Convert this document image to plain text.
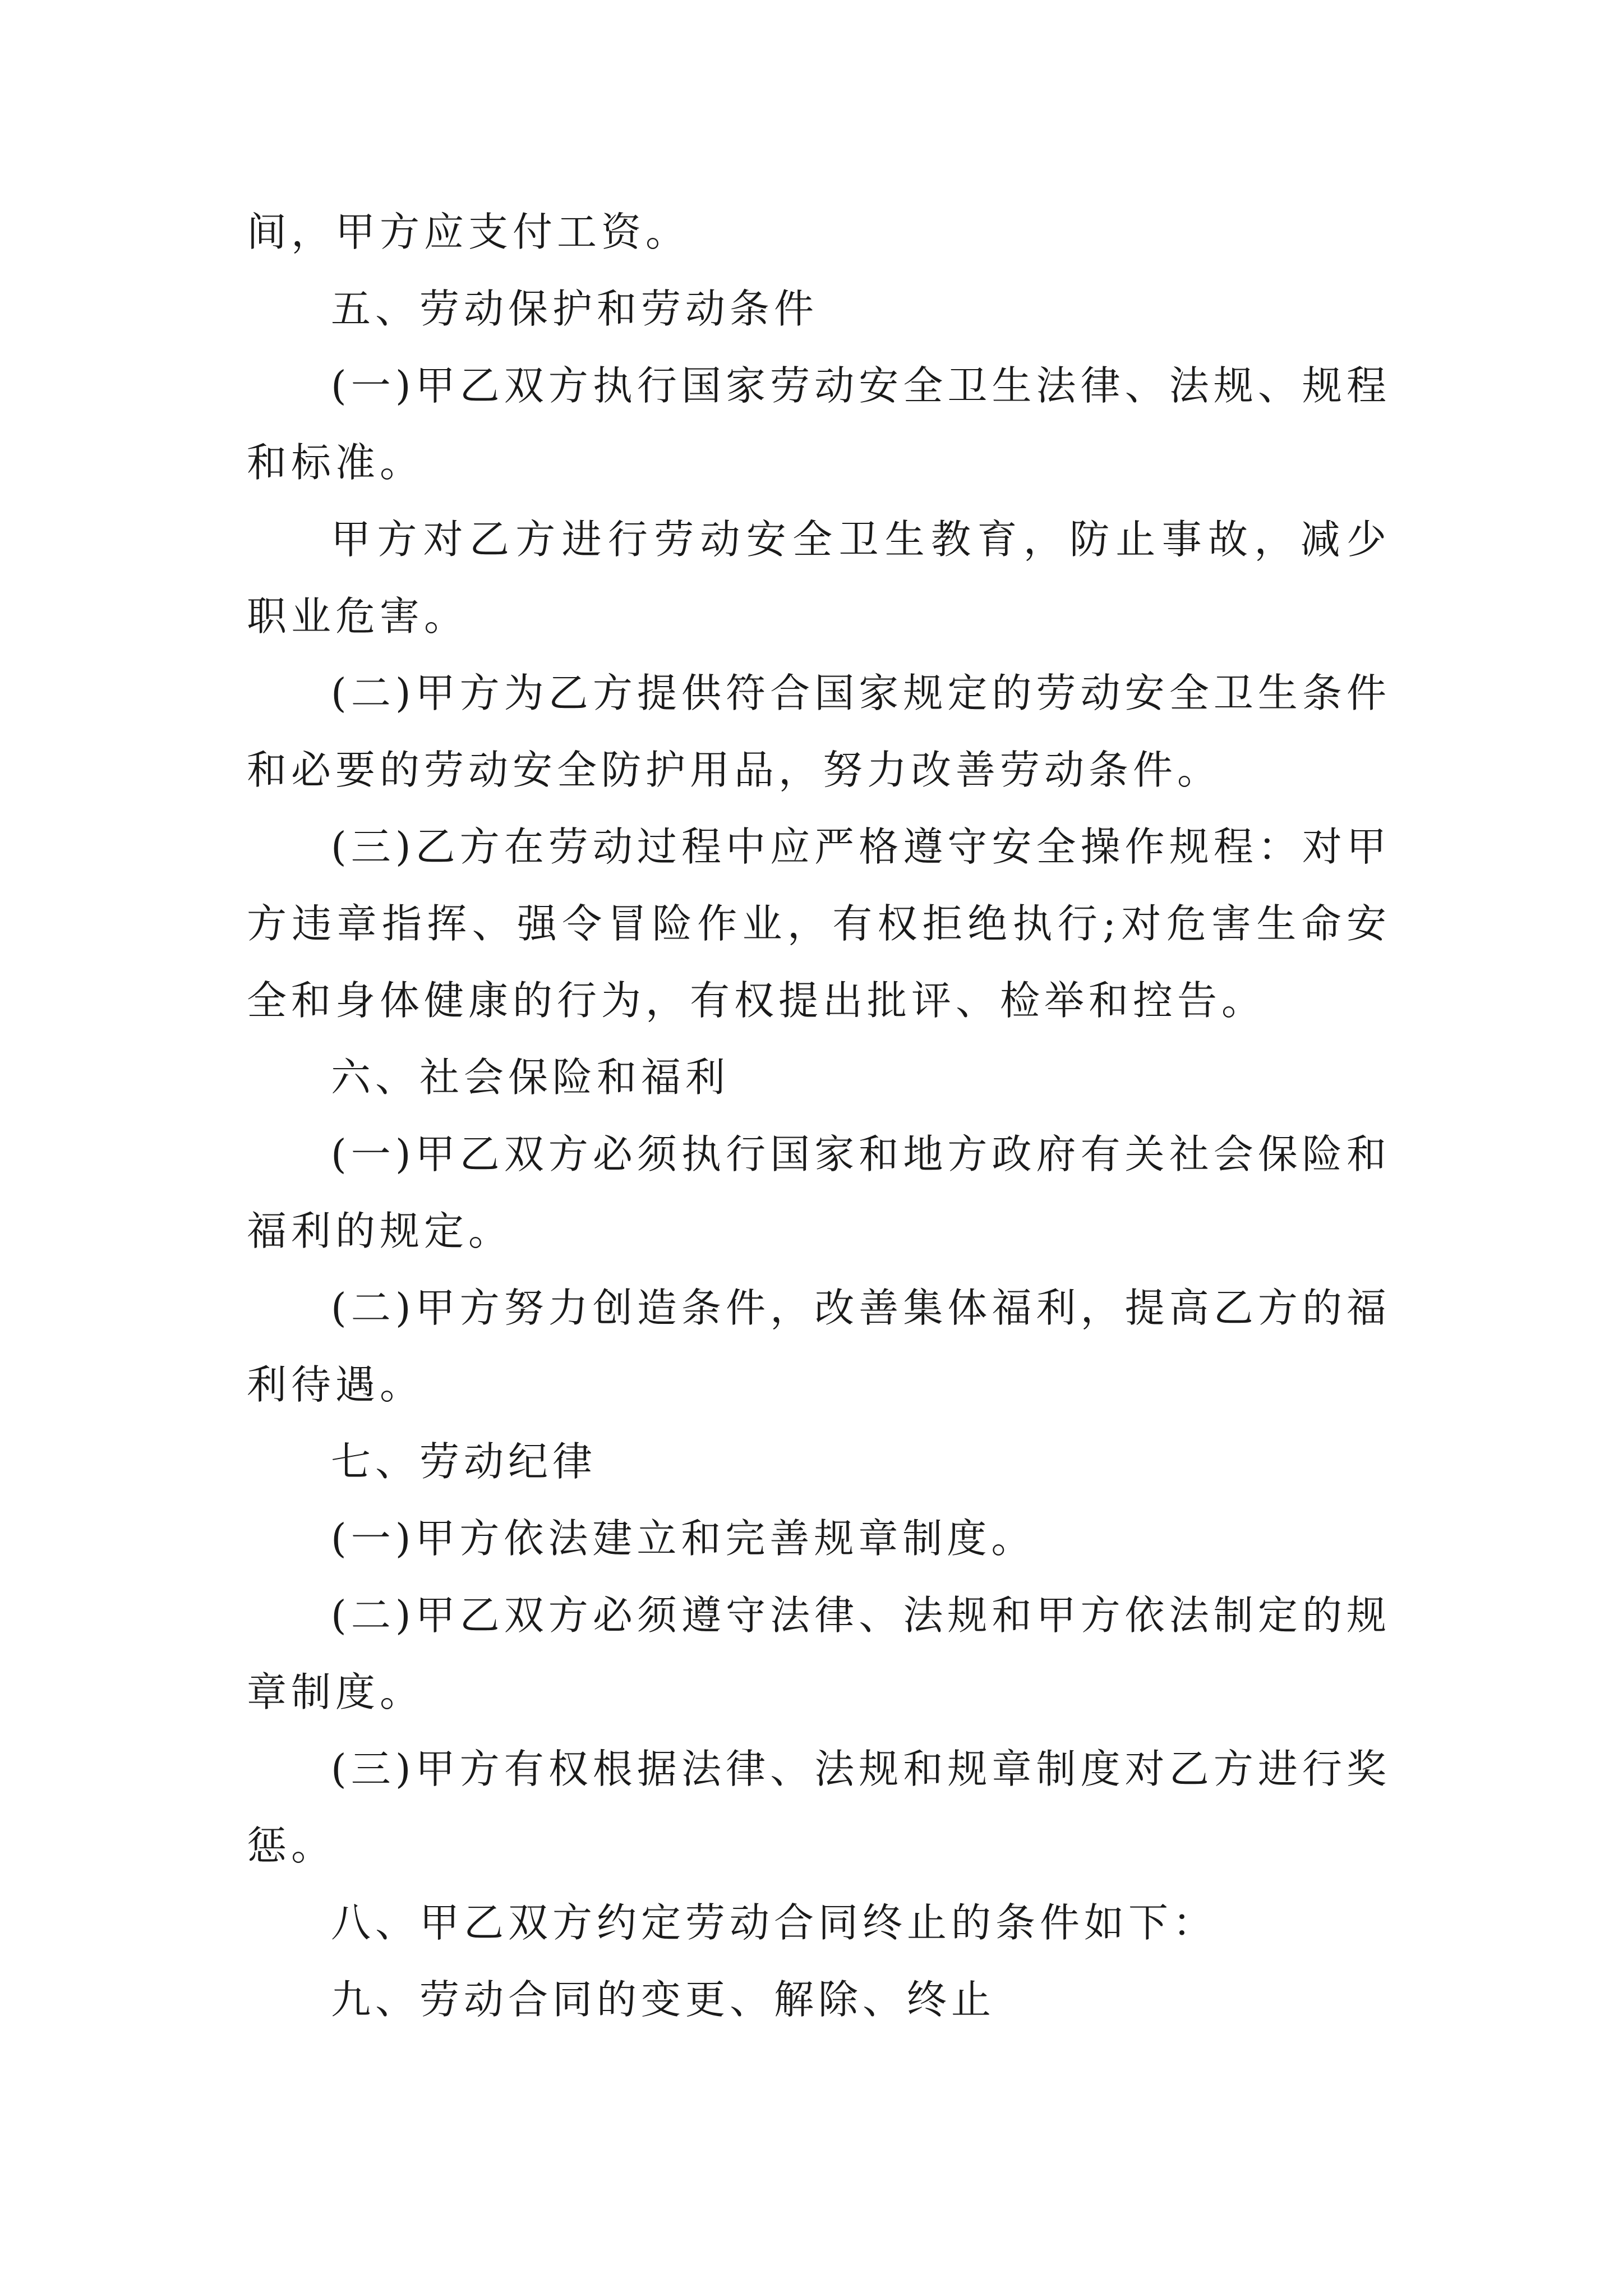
间，甲方应支付工资。

五、劳动保护和劳动条件

(一)甲乙双方执行国家劳动安全卫生法律、法规、规程和标准。

甲方对乙方进行劳动安全卫生教育，防止事故，减少职业危害。

(二)甲方为乙方提供符合国家规定的劳动安全卫生条件和必要的劳动安全防护用品，努力改善劳动条件。

(三)乙方在劳动过程中应严格遵守安全操作规程：对甲方违章指挥、强令冒险作业，有权拒绝执行;对危害生命安全和身体健康的行为，有权提出批评、检举和控告。

六、社会保险和福利

(一)甲乙双方必须执行国家和地方政府有关社会保险和福利的规定。

(二)甲方努力创造条件，改善集体福利，提高乙方的福利待遇。

七、劳动纪律

(一)甲方依法建立和完善规章制度。

(二)甲乙双方必须遵守法律、法规和甲方依法制定的规章制度。

(三)甲方有权根据法律、法规和规章制度对乙方进行奖惩。

八、甲乙双方约定劳动合同终止的条件如下：

九、劳动合同的变更、解除、终止
